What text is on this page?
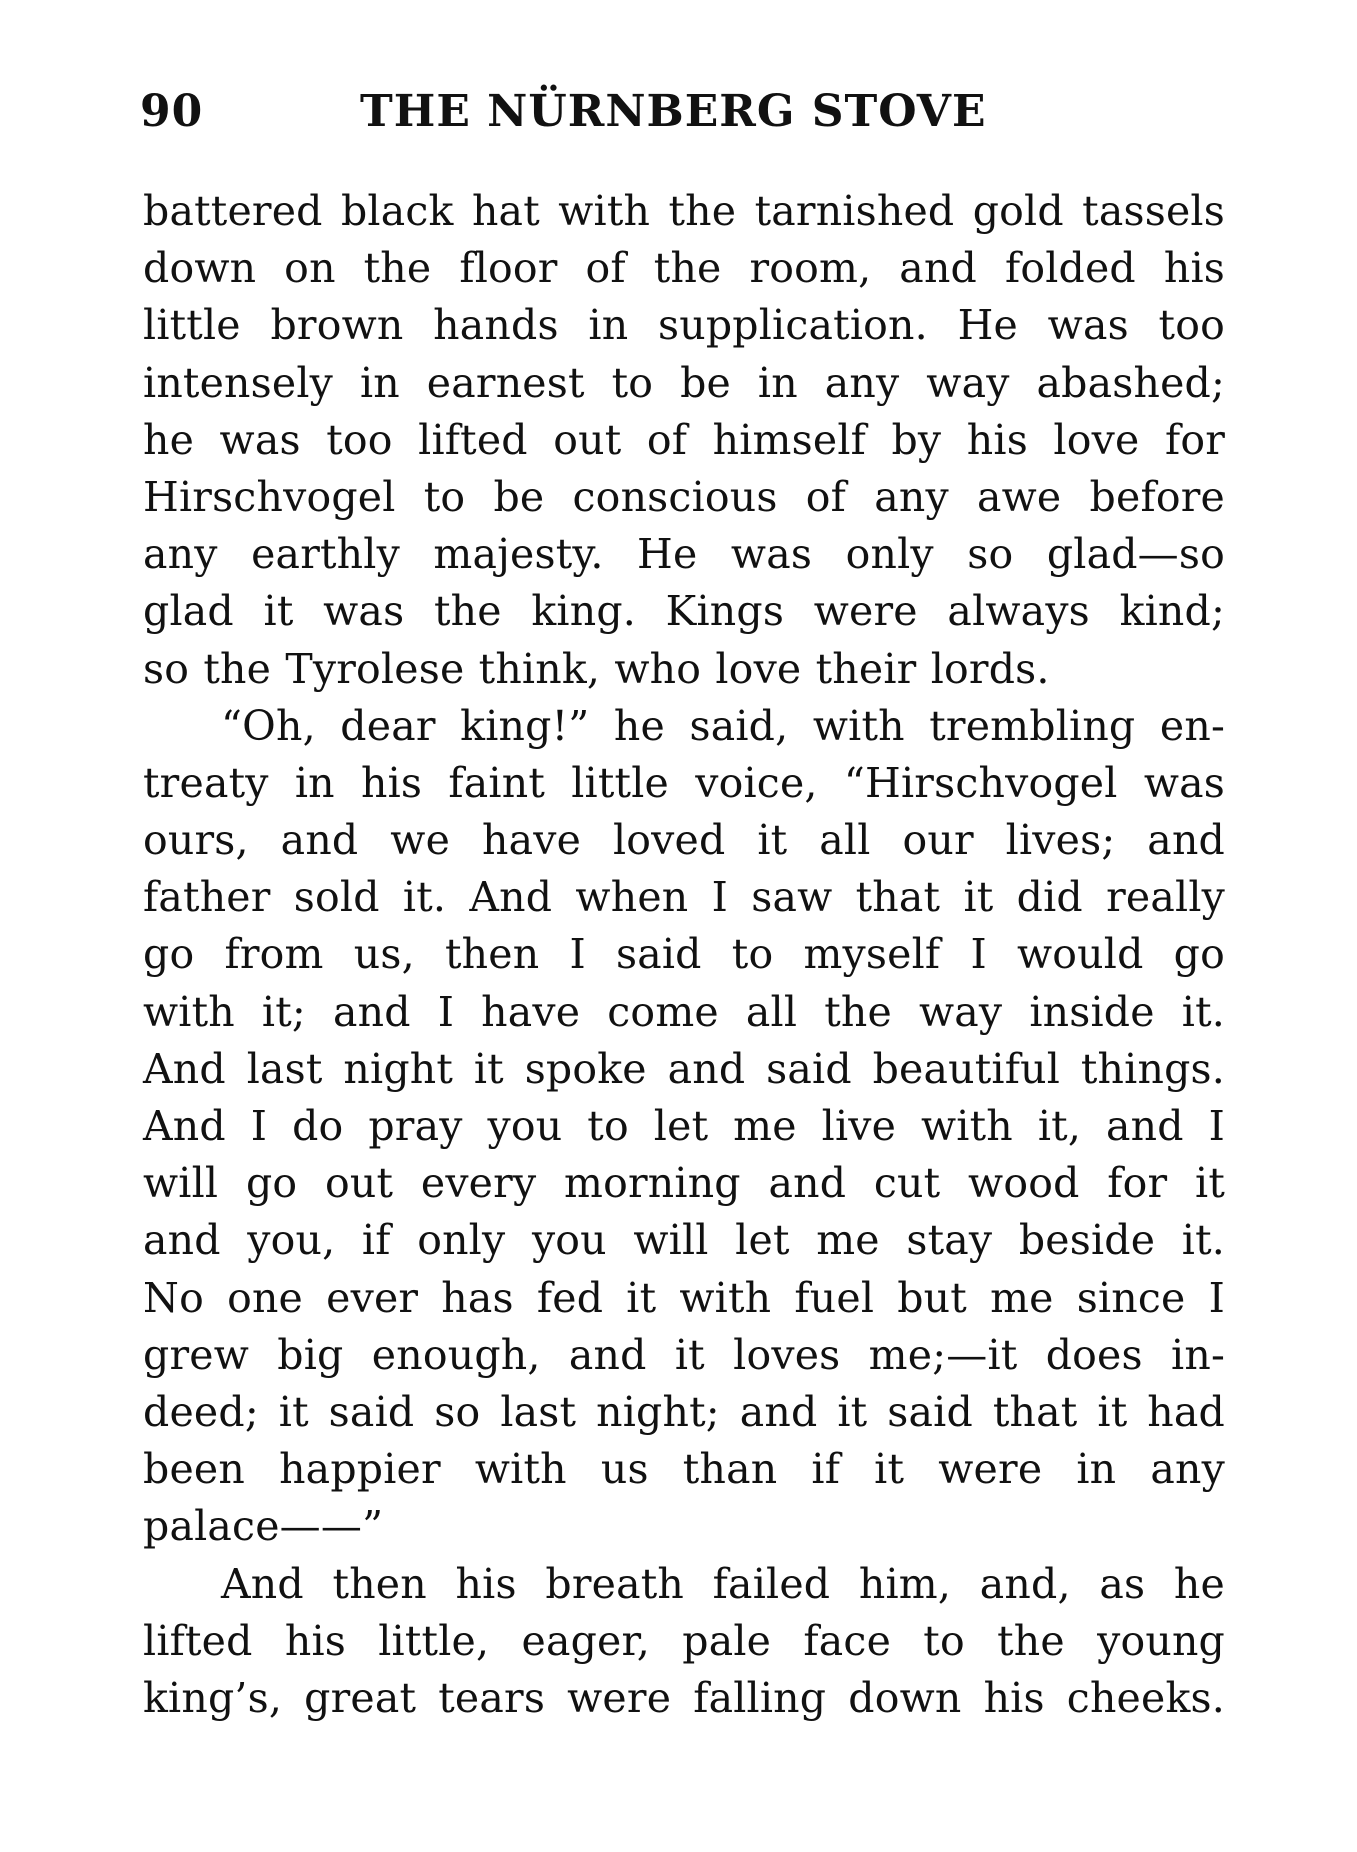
90	THE NÜRNBERG STOVE

battered black hat with the tarnished gold tassels
down on the floor of the room, and folded his
little brown hands in supplication. He was too
intensely in earnest to be in any way abashed;
he was too lifted out of himself by his love for
Hirschvogel to be conscious of any awe before
any earthly majesty. He was only so glad—so
glad it was the king. Kings were always kind;
so the Tyrolese think, who love their lords.

“Oh, dear king!” he said, with trembling en-
treaty in his faint little voice, “Hirschvogel was
ours, and we have loved it all our lives; and
father sold it. And when I saw that it did really
go from us, then I said to myself I would go
with it; and I have come all the way inside it.
And last night it spoke and said beautiful things.
And I do pray you to let me live with it, and I
will go out every morning and cut wood for it
and you, if only you will let me stay beside it.
No one ever has fed it with fuel but me since I
grew big enough, and it loves me;—it does in-
deed; it said so last night; and it said that it had
been happier with us than if it were in any
palace——”

And then his breath failed him, and, as he
lifted his little, eager, pale face to the young
king’s, great tears were falling down his cheeks.
